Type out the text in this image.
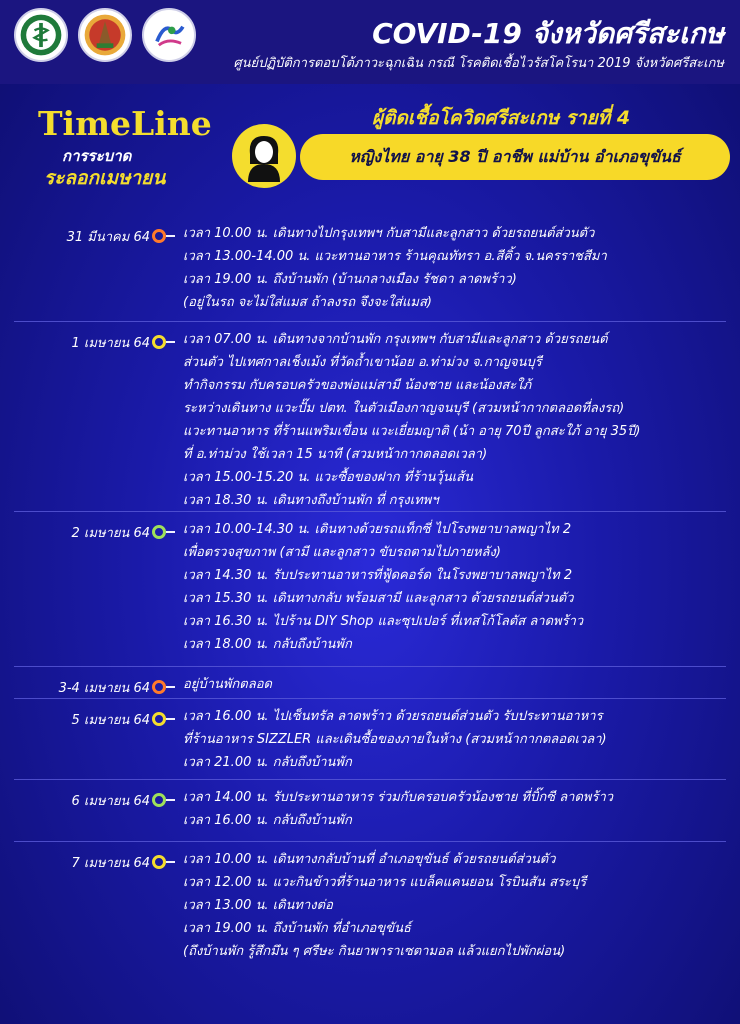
COVID-19 จังหวัดศรีสะเกษ
ศูนย์ปฏิบัติการตอบโต้ภาวะฉุกเฉิน กรณี โรคติดเชื้อไวรัสโคโรนา 2019 จังหวัดศรีสะเกษ
TimeLine
การระบาด
ระลอกเมษายน
ผู้ติดเชื้อโควิดศรีสะเกษ รายที่ 4
หญิงไทย อายุ 38 ปี อาชีพ แม่บ้าน อำเภอขุขันธ์
31 มีนาคม 64	เวลา 10.00 น. เดินทางไปกรุงเทพฯ กับสามีและลูกสาว ด้วยรถยนต์ส่วนตัว
เวลา 13.00-14.00 น. แวะทานอาหาร ร้านคุณทัทรา อ.สีคิ้ว จ.นครราชสีมา
เวลา 19.00 น. ถึงบ้านพัก (บ้านกลางเมือง รัชดา ลาดพร้าว)
(อยู่ในรถ จะไม่ใส่แมส ถ้าลงรถ จึงจะใส่แมส)
1 เมษายน 64	เวลา 07.00 น. เดินทางจากบ้านพัก กรุงเทพฯ กับสามีและลูกสาว ด้วยรถยนต์
ส่วนตัว ไปเทศกาลเช็งเม้ง ที่วัดถ้ำเขาน้อย อ.ท่าม่วง จ.กาญจนบุรี
ทำกิจกรรม กับครอบครัวของพ่อแม่สามี น้องชาย และน้องสะใภ้
ระหว่างเดินทาง แวะปั๊ม ปตท. ในตัวเมืองกาญจนบุรี (สวมหน้ากากตลอดที่ลงรถ)
แวะทานอาหาร ที่ร้านแพริมเขื่อน แวะเยี่ยมญาติ (น้า อายุ 70ปี ลูกสะใภ้ อายุ 35ปี)
ที่ อ.ท่าม่วง ใช้เวลา 15 นาที (สวมหน้ากากตลอดเวลา)
เวลา 15.00-15.20 น. แวะซื้อของฝาก ที่ร้านวุ้นเส้น
เวลา 18.30 น. เดินทางถึงบ้านพัก ที่ กรุงเทพฯ
2 เมษายน 64	เวลา 10.00-14.30 น. เดินทางด้วยรถแท็กซี่ ไปโรงพยาบาลพญาไท 2
เพื่อตรวจสุขภาพ (สามี และลูกสาว ขับรถตามไปภายหลัง)
เวลา 14.30 น. รับประทานอาหารที่ฟู้ดคอร์ด ในโรงพยาบาลพญาไท 2
เวลา 15.30 น. เดินทางกลับ พร้อมสามี และลูกสาว ด้วยรถยนต์ส่วนตัว
เวลา 16.30 น. ไปร้าน DIY Shop และซุปเปอร์ ที่เทสโก้โลตัส ลาดพร้าว
เวลา 18.00 น. กลับถึงบ้านพัก
3-4 เมษายน 64	อยู่บ้านพักตลอด
5 เมษายน 64	เวลา 16.00 น. ไปเซ็นทรัล ลาดพร้าว ด้วยรถยนต์ส่วนตัว รับประทานอาหาร
ที่ร้านอาหาร SIZZLER และเดินซื้อของภายในห้าง (สวมหน้ากากตลอดเวลา)
เวลา 21.00 น. กลับถึงบ้านพัก
6 เมษายน 64	เวลา 14.00 น. รับประทานอาหาร ร่วมกับครอบครัวน้องชาย ที่บิ๊กซี ลาดพร้าว
เวลา 16.00 น. กลับถึงบ้านพัก
7 เมษายน 64	เวลา 10.00 น. เดินทางกลับบ้านที่ อำเภอขุขันธ์ ด้วยรถยนต์ส่วนตัว
เวลา 12.00 น. แวะกินข้าวที่ร้านอาหาร แบล็คแคนยอน โรบินสัน สระบุรี
เวลา 13.00 น. เดินทางต่อ
เวลา 19.00 น. ถึงบ้านพัก ที่อำเภอขุขันธ์
(ถึงบ้านพัก รู้สึกมึน ๆ ศรีษะ กินยาพาราเซตามอล แล้วแยกไปพักผ่อน)
